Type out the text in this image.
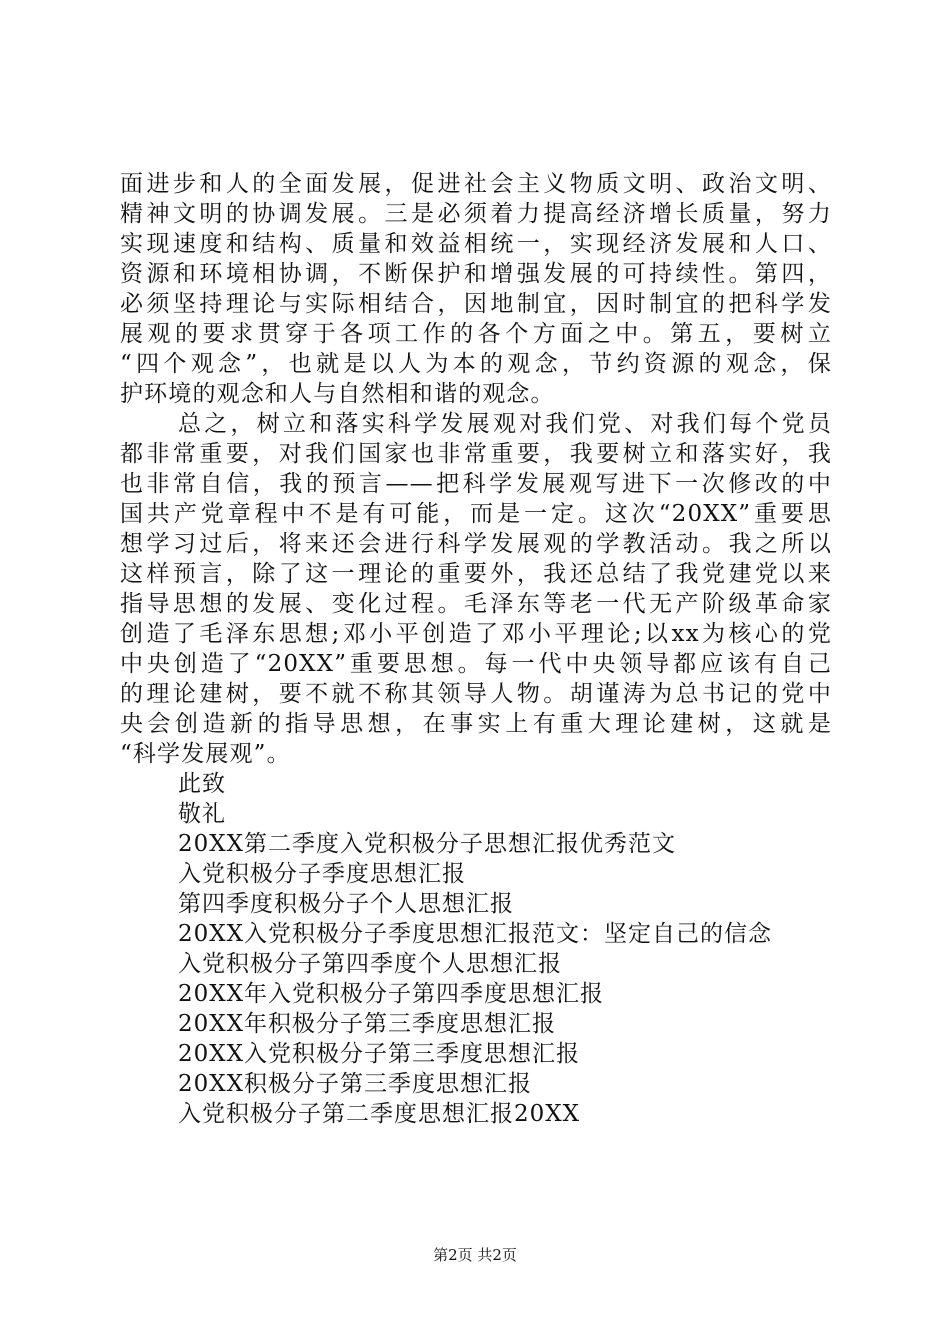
面进步和人的全面发展，促进社会主义物质文明、政治文明、
精神文明的协调发展。三是必须着力提高经济增长质量，努力
实现速度和结构、质量和效益相统一，实现经济发展和人口、
资源和环境相协调，不断保护和增强发展的可持续性。第四，
必须坚持理论与实际相结合，因地制宜，因时制宜的把科学发
展观的要求贯穿于各项工作的各个方面之中。第五，要树立
“四个观念”，也就是以人为本的观念，节约资源的观念，保
护环境的观念和人与自然相和谐的观念。
总之，树立和落实科学发展观对我们党、对我们每个党员
都非常重要，对我们国家也非常重要，我要树立和落实好，我
也非常自信，我的预言——把科学发展观写进下一次修改的中
国共产党章程中不是有可能，而是一定。这次“20XX”重要思
想学习过后，将来还会进行科学发展观的学教活动。我之所以
这样预言，除了这一理论的重要外，我还总结了我党建党以来
指导思想的发展、变化过程。毛泽东等老一代无产阶级革命家
创造了毛泽东思想;邓小平创造了邓小平理论;以xx为核心的党
中央创造了“20XX”重要思想。每一代中央领导都应该有自己
的理论建树，要不就不称其领导人物。胡谨涛为总书记的党中
央会创造新的指导思想，在事实上有重大理论建树，这就是
“科学发展观”。
此致
敬礼
20XX第二季度入党积极分子思想汇报优秀范文
入党积极分子季度思想汇报
第四季度积极分子个人思想汇报
20XX入党积极分子季度思想汇报范文：坚定自己的信念
入党积极分子第四季度个人思想汇报
20XX年入党积极分子第四季度思想汇报
20XX年积极分子第三季度思想汇报
20XX入党积极分子第三季度思想汇报
20XX积极分子第三季度思想汇报
入党积极分子第二季度思想汇报20XX
第2页 共2页
